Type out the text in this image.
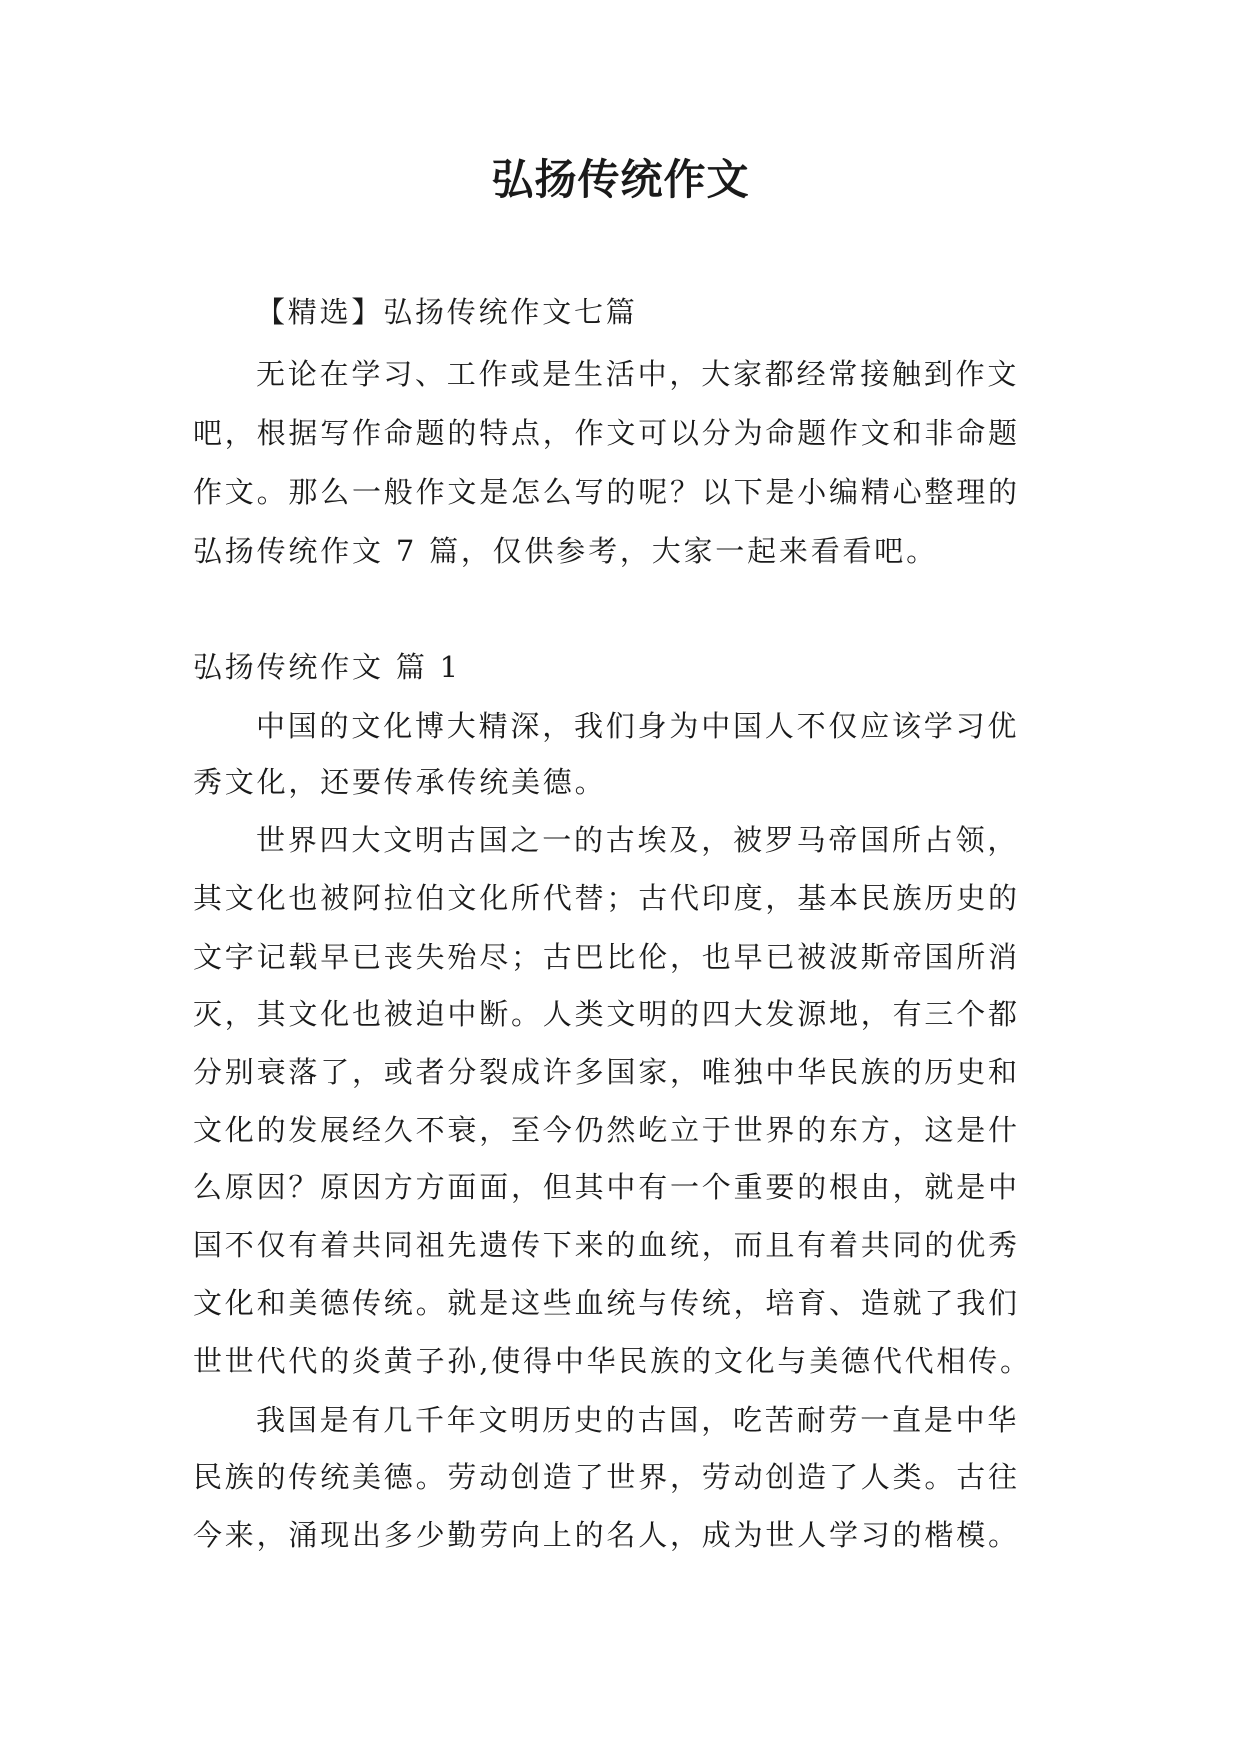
弘扬传统作文
【精选】弘扬传统作文七篇
无论在学习、工作或是生活中，大家都经常接触到作文
吧，根据写作命题的特点，作文可以分为命题作文和非命题
作文。那么一般作文是怎么写的呢？以下是小编精心整理的
弘扬传统作文 7 篇，仅供参考，大家一起来看看吧。
弘扬传统作文 篇 1
中国的文化博大精深，我们身为中国人不仅应该学习优
秀文化，还要传承传统美德。
世界四大文明古国之一的古埃及，被罗马帝国所占领，
其文化也被阿拉伯文化所代替；古代印度，基本民族历史的
文字记载早已丧失殆尽；古巴比伦，也早已被波斯帝国所消
灭，其文化也被迫中断。人类文明的四大发源地，有三个都
分别衰落了，或者分裂成许多国家，唯独中华民族的历史和
文化的发展经久不衰，至今仍然屹立于世界的东方，这是什
么原因？原因方方面面，但其中有一个重要的根由，就是中
国不仅有着共同祖先遗传下来的血统，而且有着共同的优秀
文化和美德传统。就是这些血统与传统，培育、造就了我们
世世代代的炎黄子孙,使得中华民族的文化与美德代代相传。
我国是有几千年文明历史的古国，吃苦耐劳一直是中华
民族的传统美德。劳动创造了世界，劳动创造了人类。古往
今来，涌现出多少勤劳向上的名人，成为世人学习的楷模。
